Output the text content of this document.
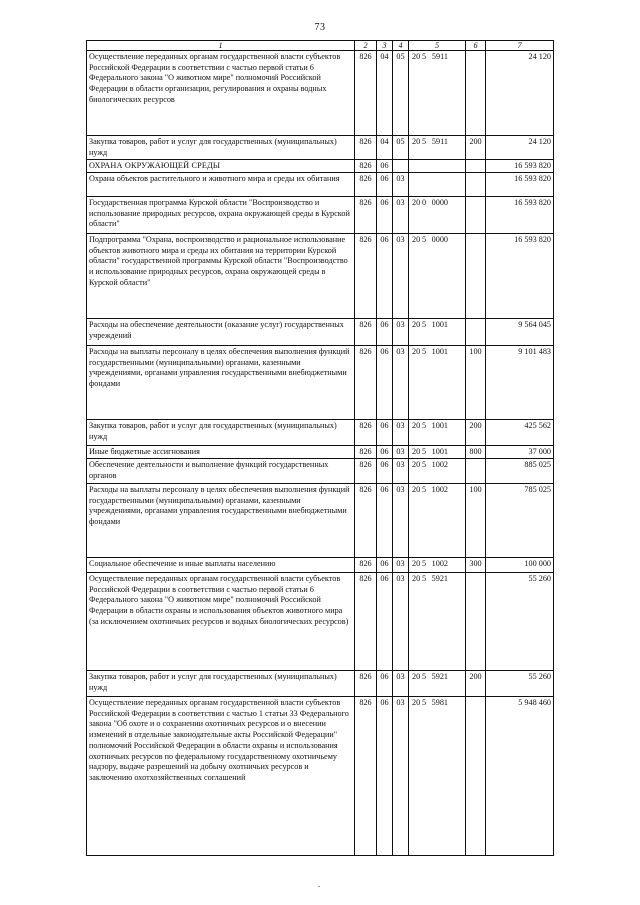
73
1	2	3	4	5	6	7
Осуществление переданных органам государственной власти субъектов Российской Федерации в соответствии с частью первой статьи 6 Федерального закона "О животном мире" полномочий Российской Федерации в области организации, регулирования и охраны водных биологических ресурсов	826	04	05	20 5 5911		24 120
Закупка товаров, работ и услуг для государственных (муниципальных) нужд	826	04	05	20 5 5911	200	24 120
ОХРАНА ОКРУЖАЮЩЕЙ СРЕДЫ	826	06				16 593 820
Охрана объектов растительного и животного мира и среды их обитания	826	06	03			16 593 820
Государственная программа Курской области "Воспроизводство и использование природных ресурсов, охрана окружающей среды в Курской области"	826	06	03	20 0 0000		16 593 820
Подпрограмма "Охрана, воспроизводство и рациональное использование объектов животного мира и среды их обитания на территории Курской области" государственной программы Курской области "Воспроизводство и использование природных ресурсов, охрана окружающей среды в Курской области"	826	06	03	20 5 0000		16 593 820
Расходы на обеспечение деятельности (оказание услуг) государственных учреждений	826	06	03	20 5 1001		9 564 045
Расходы на выплаты персоналу в целях обеспечения выполнения функций государственными (муниципальными) органами, казенными учреждениями, органами управления государственными внебюджетными фондами	826	06	03	20 5 1001	100	9 101 483
Закупка товаров, работ и услуг для государственных (муниципальных) нужд	826	06	03	20 5 1001	200	425 562
Иные бюджетные ассигнования	826	06	03	20 5 1001	800	37 000
Обеспечение деятельности и выполнение функций государственных органов	826	06	03	20 5 1002		885 025
Расходы на выплаты персоналу в целях обеспечения выполнения функций государственными (муниципальными) органами, казенными учреждениями, органами управления государственными внебюджетными фондами	826	06	03	20 5 1002	100	785 025
Социальное обеспечение и иные выплаты населению	826	06	03	20 5 1002	300	100 000
Осуществление переданных органам государственной власти субъектов Российской Федерации в соответствии с частью первой статьи 6 Федерального закона "О животном мире" полномочий Российской Федерации в области охраны и использования объектов животного мира (за исключением охотничьих ресурсов и водных биологических ресурсов)	826	06	03	20 5 5921		55 260
Закупка товаров, работ и услуг для государственных (муниципальных) нужд	826	06	03	20 5 5921	200	55 260
Осуществление переданных органам государственной власти субъектов Российской Федерации в соответствии с частью 1 статьи 33 Федерального закона "Об охоте и о сохранении охотничьих ресурсов и о внесении изменений в отдельные законодательные акты Российской Федерации" полномочий Российской Федерации в области охраны и использования охотничьих ресурсов по федеральному государственному охотничьему надзору, выдаче разрешений на добычу охотничьих ресурсов и заключению охотхозяйственных соглашений	826	06	03	20 5 5981		5 948 460
